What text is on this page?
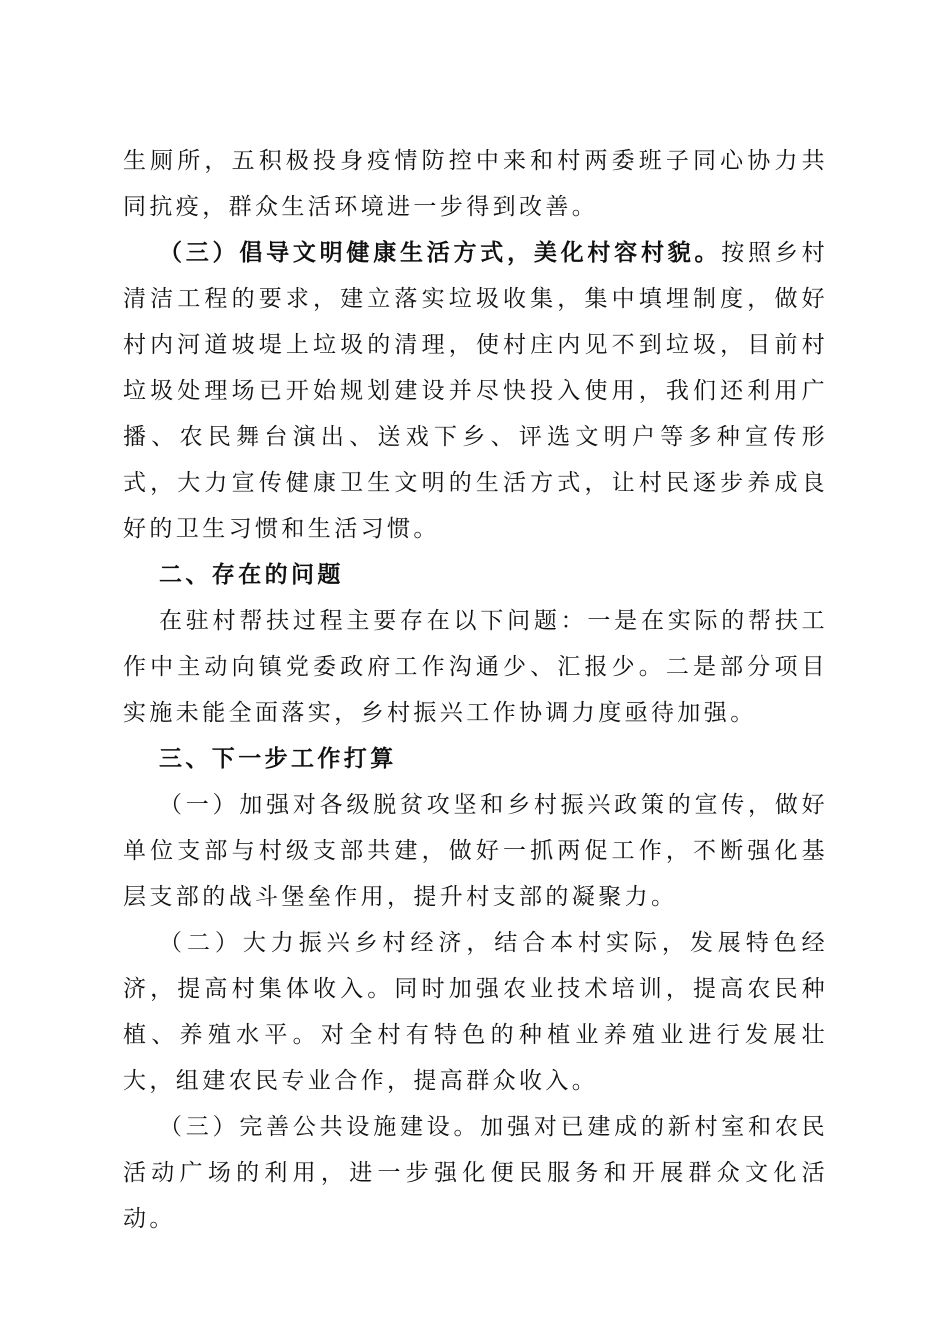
生厕所，五积极投身疫情防控中来和村两委班子同心协力共同抗疫，群众生活环境进一步得到改善。

（三）倡导文明健康生活方式，美化村容村貌。按照乡村清洁工程的要求，建立落实垃圾收集，集中填埋制度，做好村内河道坡堤上垃圾的清理，使村庄内见不到垃圾，目前村垃圾处理场已开始规划建设并尽快投入使用，我们还利用广播、农民舞台演出、送戏下乡、评选文明户等多种宣传形式，大力宣传健康卫生文明的生活方式，让村民逐步养成良好的卫生习惯和生活习惯。

二、存在的问题

在驻村帮扶过程主要存在以下问题：一是在实际的帮扶工作中主动向镇党委政府工作沟通少、汇报少。二是部分项目实施未能全面落实，乡村振兴工作协调力度亟待加强。

三、下一步工作打算

（一）加强对各级脱贫攻坚和乡村振兴政策的宣传，做好单位支部与村级支部共建，做好一抓两促工作，不断强化基层支部的战斗堡垒作用，提升村支部的凝聚力。

（二）大力振兴乡村经济，结合本村实际，发展特色经济，提高村集体收入。同时加强农业技术培训，提高农民种植、养殖水平。对全村有特色的种植业养殖业进行发展壮大，组建农民专业合作，提高群众收入。

（三）完善公共设施建设。加强对已建成的新村室和农民活动广场的利用，进一步强化便民服务和开展群众文化活动。
